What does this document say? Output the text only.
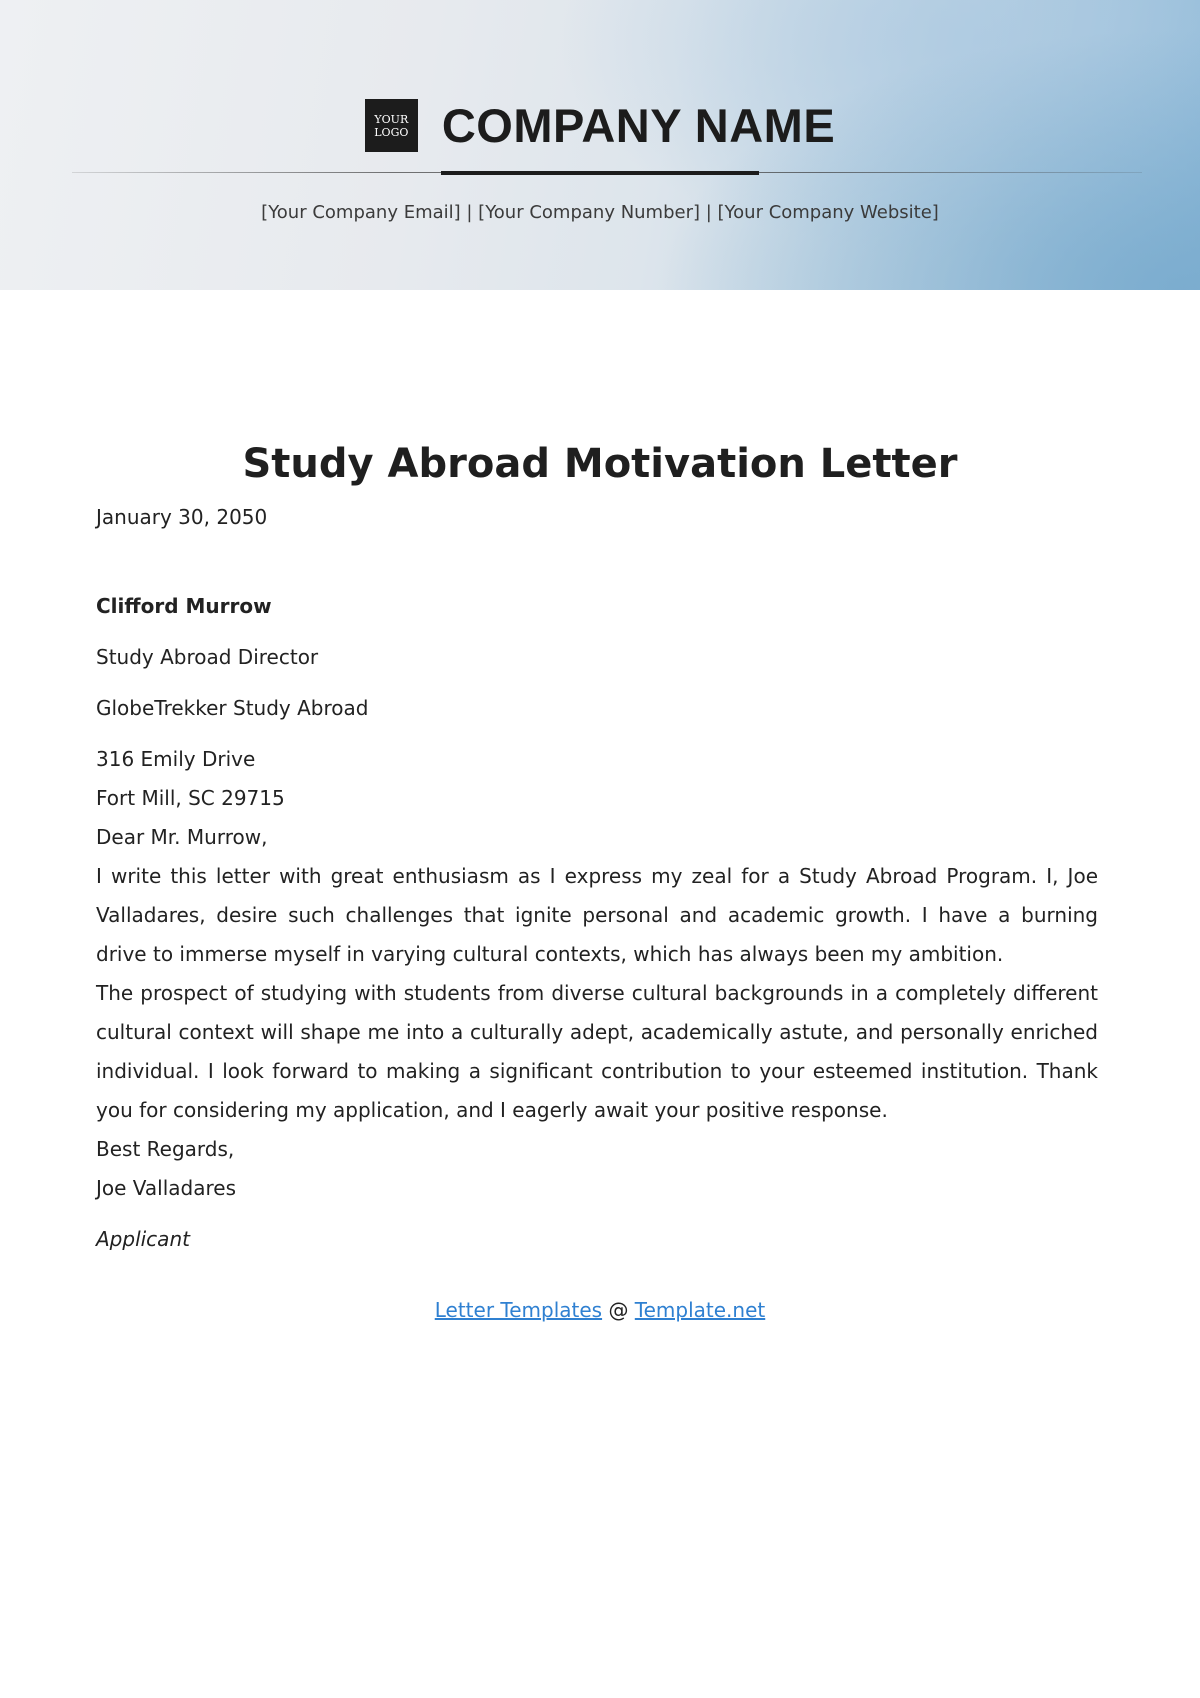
YOUR
LOGO COMPANY NAME
[Your Company Email] | [Your Company Number] | [Your Company Website]
Study Abroad Motivation Letter

January 30, 2050

Clifford Murrow

Study Abroad Director

GlobeTrekker Study Abroad

316 Emily Drive

Fort Mill, SC 29715

Dear Mr. Murrow,

I write this letter with great enthusiasm as I express my zeal for a Study Abroad Program. I, Joe Valladares, desire such challenges that ignite personal and academic growth. I have a burning drive to immerse myself in varying cultural contexts, which has always been my ambition.

The prospect of studying with students from diverse cultural backgrounds in a completely different cultural context will shape me into a culturally adept, academically astute, and personally enriched individual. I look forward to making a significant contribution to your esteemed institution. Thank you for considering my application, and I eagerly await your positive response.

Best Regards,

Joe Valladares

Applicant

Letter Templates @ Template.net
